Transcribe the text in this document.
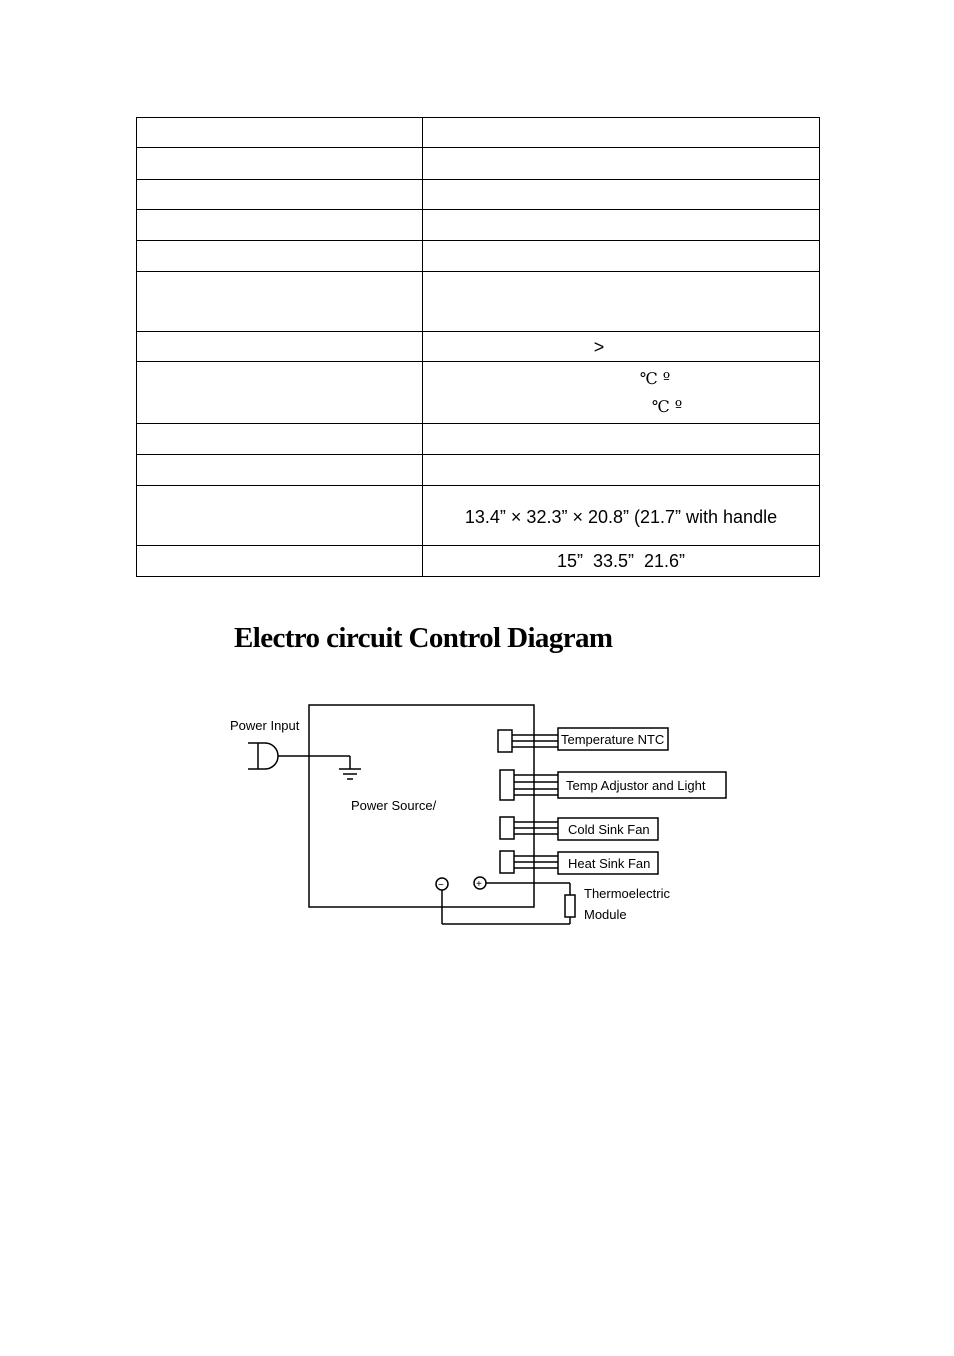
	>

	℃ º
℃ º

	13.4” × 32.3” × 20.8” (21.7” with handle
	15”  33.5”  21.6”
Electro circuit Control Diagram
Power Input
Power Source/
Temperature NTC
Temp Adjustor and Light
Cold Sink Fan
Heat Sink Fan
Thermoelectric
Module
−	+
